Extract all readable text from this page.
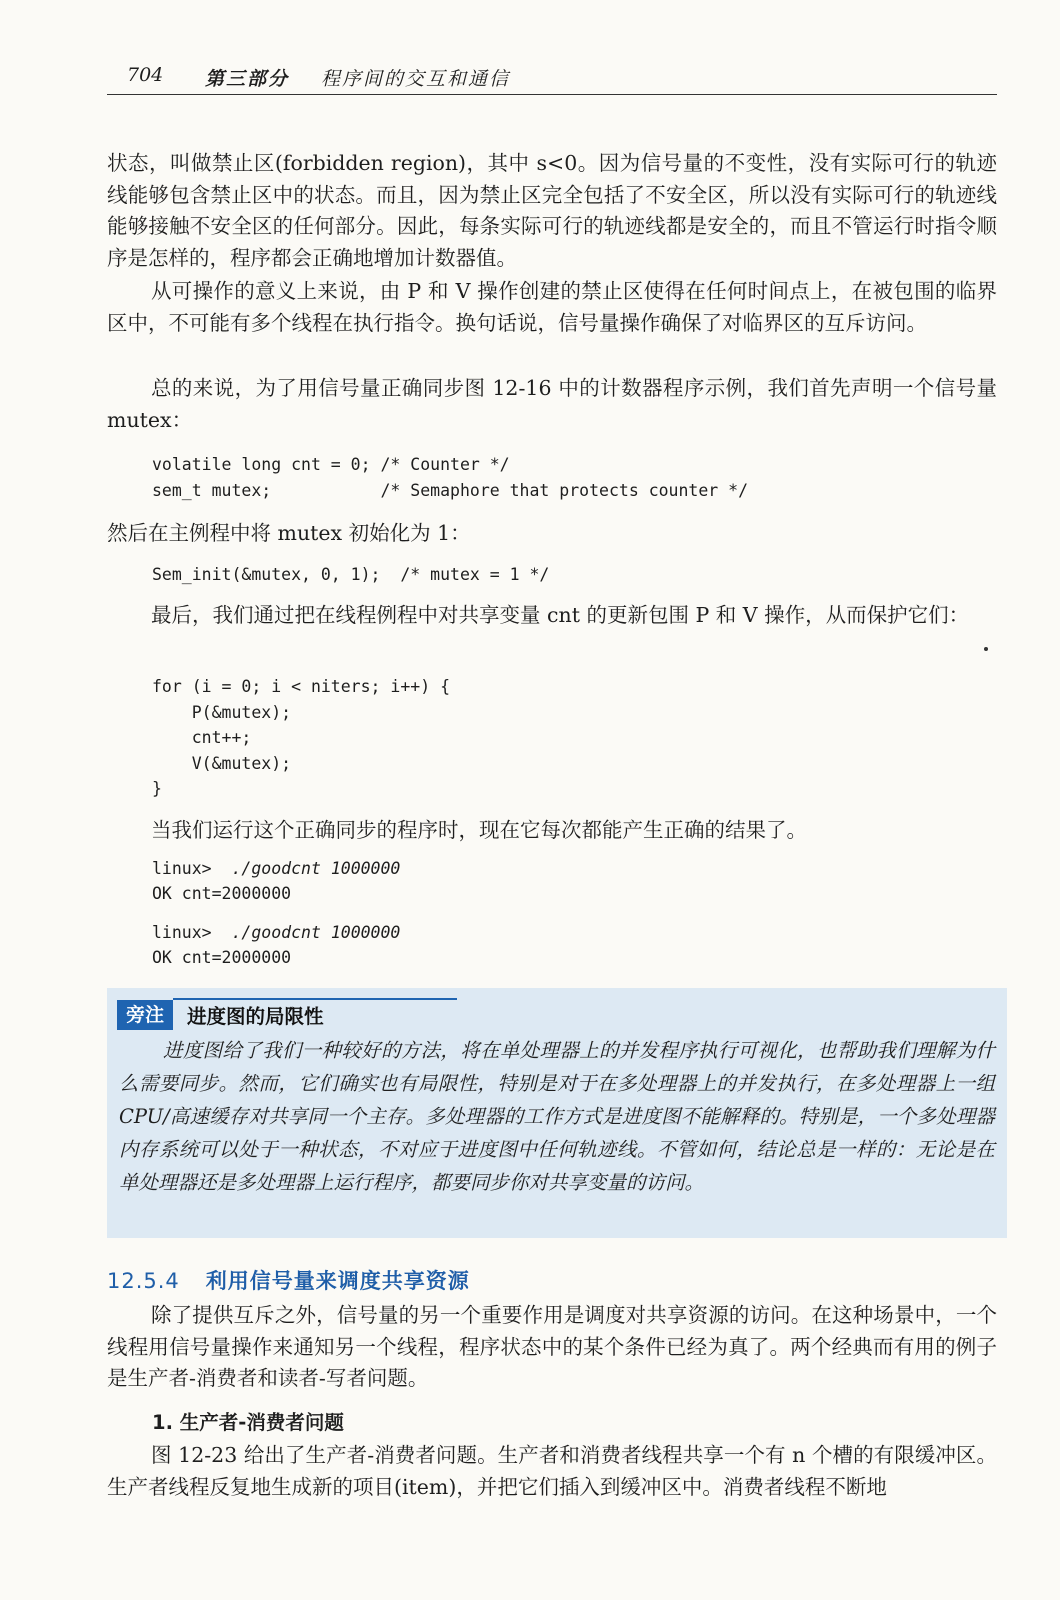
704 第三部分 程序间的交互和通信
状态，叫做禁止区(forbidden region)，其中 s<0。因为信号量的不变性，没有实际可行的轨迹线能够包含禁止区中的状态。而且，因为禁止区完全包括了不安全区，所以没有实际可行的轨迹线能够接触不安全区的任何部分。因此，每条实际可行的轨迹线都是安全的，而且不管运行时指令顺序是怎样的，程序都会正确地增加计数器值。
从可操作的意义上来说，由 P 和 V 操作创建的禁止区使得在任何时间点上，在被包围的临界区中，不可能有多个线程在执行指令。换句话说，信号量操作确保了对临界区的互斥访问。
总的来说，为了用信号量正确同步图 12-16 中的计数器程序示例，我们首先声明一个信号量 mutex：
volatile long cnt = 0; /* Counter */
sem_t mutex;           /* Semaphore that protects counter */
然后在主例程中将 mutex 初始化为 1：
Sem_init(&mutex, 0, 1);  /* mutex = 1 */
最后，我们通过把在线程例程中对共享变量 cnt 的更新包围 P 和 V 操作，从而保护它们：
for (i = 0; i < niters; i++) {
P(&mutex);
cnt++;
V(&mutex);
}
当我们运行这个正确同步的程序时，现在它每次都能产生正确的结果了。
linux> ./goodcnt 1000000
OK cnt=2000000
linux> ./goodcnt 1000000
OK cnt=2000000
旁注	进度图的局限性
进度图给了我们一种较好的方法，将在单处理器上的并发程序执行可视化，也帮助我们理解为什么需要同步。然而，它们确实也有局限性，特别是对于在多处理器上的并发执行，在多处理器上一组 CPU/高速缓存对共享同一个主存。多处理器的工作方式是进度图不能解释的。特别是，一个多处理器内存系统可以处于一种状态，不对应于进度图中任何轨迹线。不管如何，结论总是一样的：无论是在单处理器还是多处理器上运行程序，都要同步你对共享变量的访问。
12.5.4 利用信号量来调度共享资源
除了提供互斥之外，信号量的另一个重要作用是调度对共享资源的访问。在这种场景中，一个线程用信号量操作来通知另一个线程，程序状态中的某个条件已经为真了。两个经典而有用的例子是生产者-消费者和读者-写者问题。
1. 生产者-消费者问题
图 12-23 给出了生产者-消费者问题。生产者和消费者线程共享一个有 n 个槽的有限缓冲区。生产者线程反复地生成新的项目(item)，并把它们插入到缓冲区中。消费者线程不断地
